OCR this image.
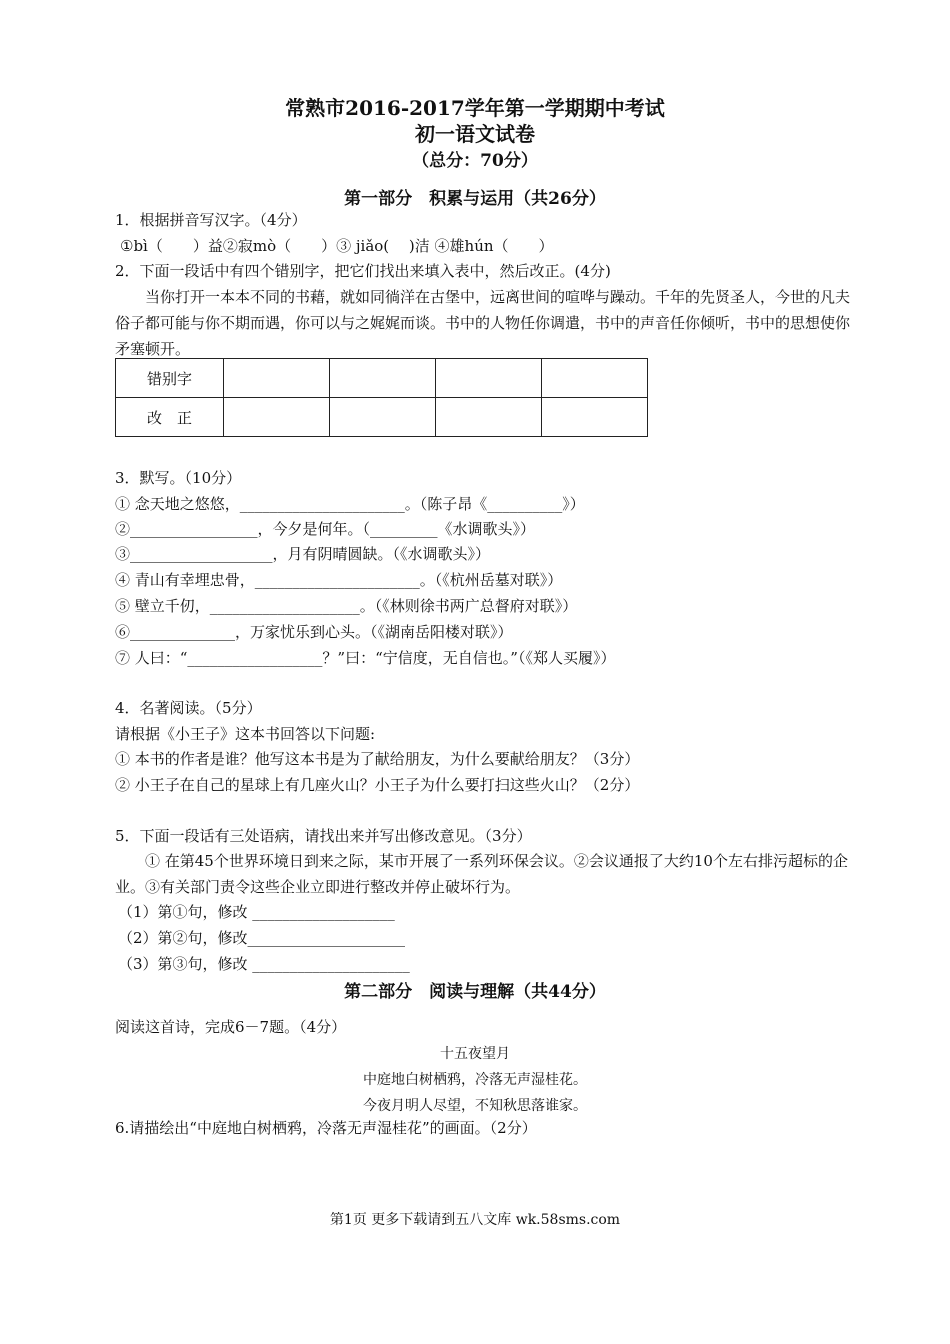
常熟市2016-2017学年第一学期期中考试
初一语文试卷
（总分：70分）
第一部分　积累与运用（共26分）
1．根据拼音写汉字。（4分）
①bì（　　）益②寂mò（　　）③ jiǎo(　 )洁 ④雄hún（　　）
2．下面一段话中有四个错别字，把它们找出来填入表中，然后改正。(4分)
当你打开一本本不同的书藉，就如同徜洋在古堡中，远离世间的喧哗与躁动。千年的先贤圣人，今世的凡夫俗子都可能与你不期而遇，你可以与之娓娓而谈。书中的人物任你调遣，书中的声音任你倾听，书中的思想使你矛塞顿开。
错别字				
改　正				
3．默写。（10分）
① 念天地之悠悠，______________________。（陈子昂《__________》）
②_________________，今夕是何年。（_________《水调歌头》）
③___________________，月有阴晴圆缺。（《水调歌头》）
④ 青山有幸埋忠骨，______________________。（《杭州岳墓对联》）
⑤ 壁立千仞，____________________。（《林则徐书两广总督府对联》）
⑥______________，万家忧乐到心头。（《湖南岳阳楼对联》）
⑦ 人曰：“__________________？”曰：“宁信度，无自信也。”（《郑人买履》）
4．名著阅读。（5分）
请根据《小王子》这本书回答以下问题:
① 本书的作者是谁？他写这本书是为了献给朋友，为什么要献给朋友？（3分）
② 小王子在自己的星球上有几座火山？小王子为什么要打扫这些火山？（2分）
5．下面一段话有三处语病，请找出来并写出修改意见。（3分）
① 在第45个世界环境日到来之际，某市开展了一系列环保会议。②会议通报了大约10个左右排污超标的企业。③有关部门责令这些企业立即进行整改并停止破坏行为。
（1）第①句，修改 ___________________
（2）第②句，修改_____________________
（3）第③句，修改 _____________________
第二部分　阅读与理解（共44分）
阅读这首诗，完成6－7题。（4分）
十五夜望月
中庭地白树栖鸦，冷落无声湿桂花。
今夜月明人尽望，不知秋思落谁家。
6.请描绘出“中庭地白树栖鸦，冷落无声湿桂花”的画面。（2分）
第1页 更多下载请到五八文库 wk.58sms.com
